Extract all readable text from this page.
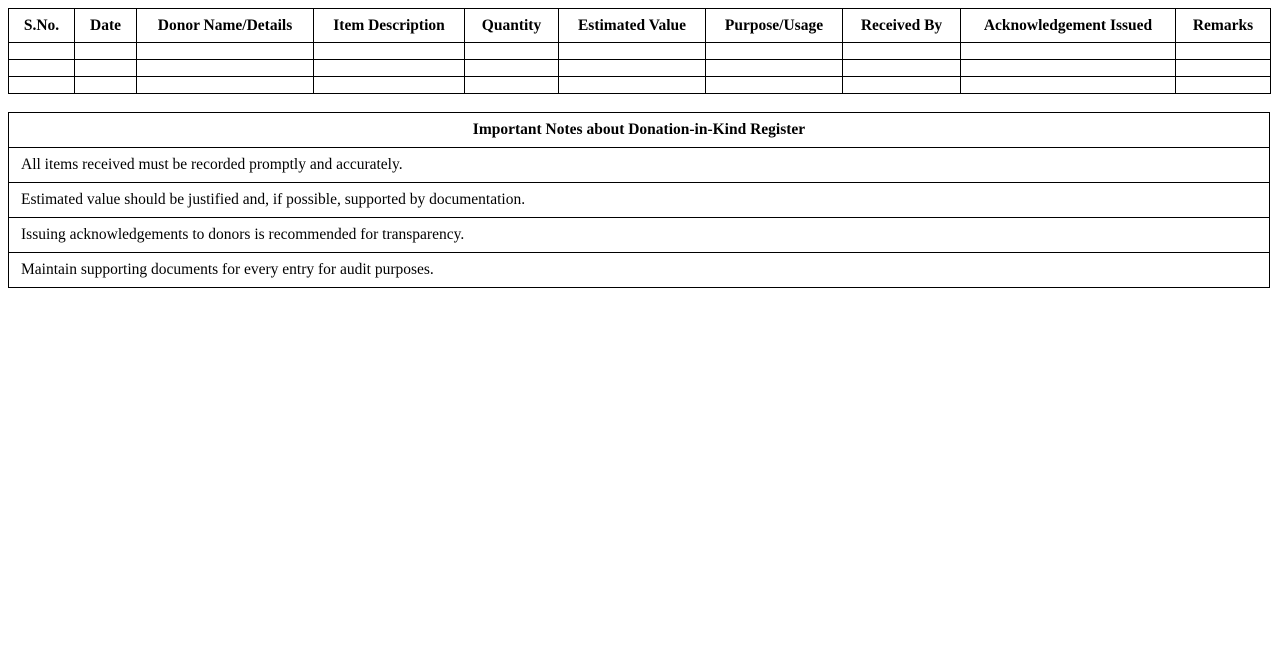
S.No.	Date	Donor Name/Details	Item Description	Quantity	Estimated Value	Purpose/Usage	Received By	Acknowledgement Issued	Remarks

Important Notes about Donation-in-Kind Register
All items received must be recorded promptly and accurately.
Estimated value should be justified and, if possible, supported by documentation.
Issuing acknowledgements to donors is recommended for transparency.
Maintain supporting documents for every entry for audit purposes.
